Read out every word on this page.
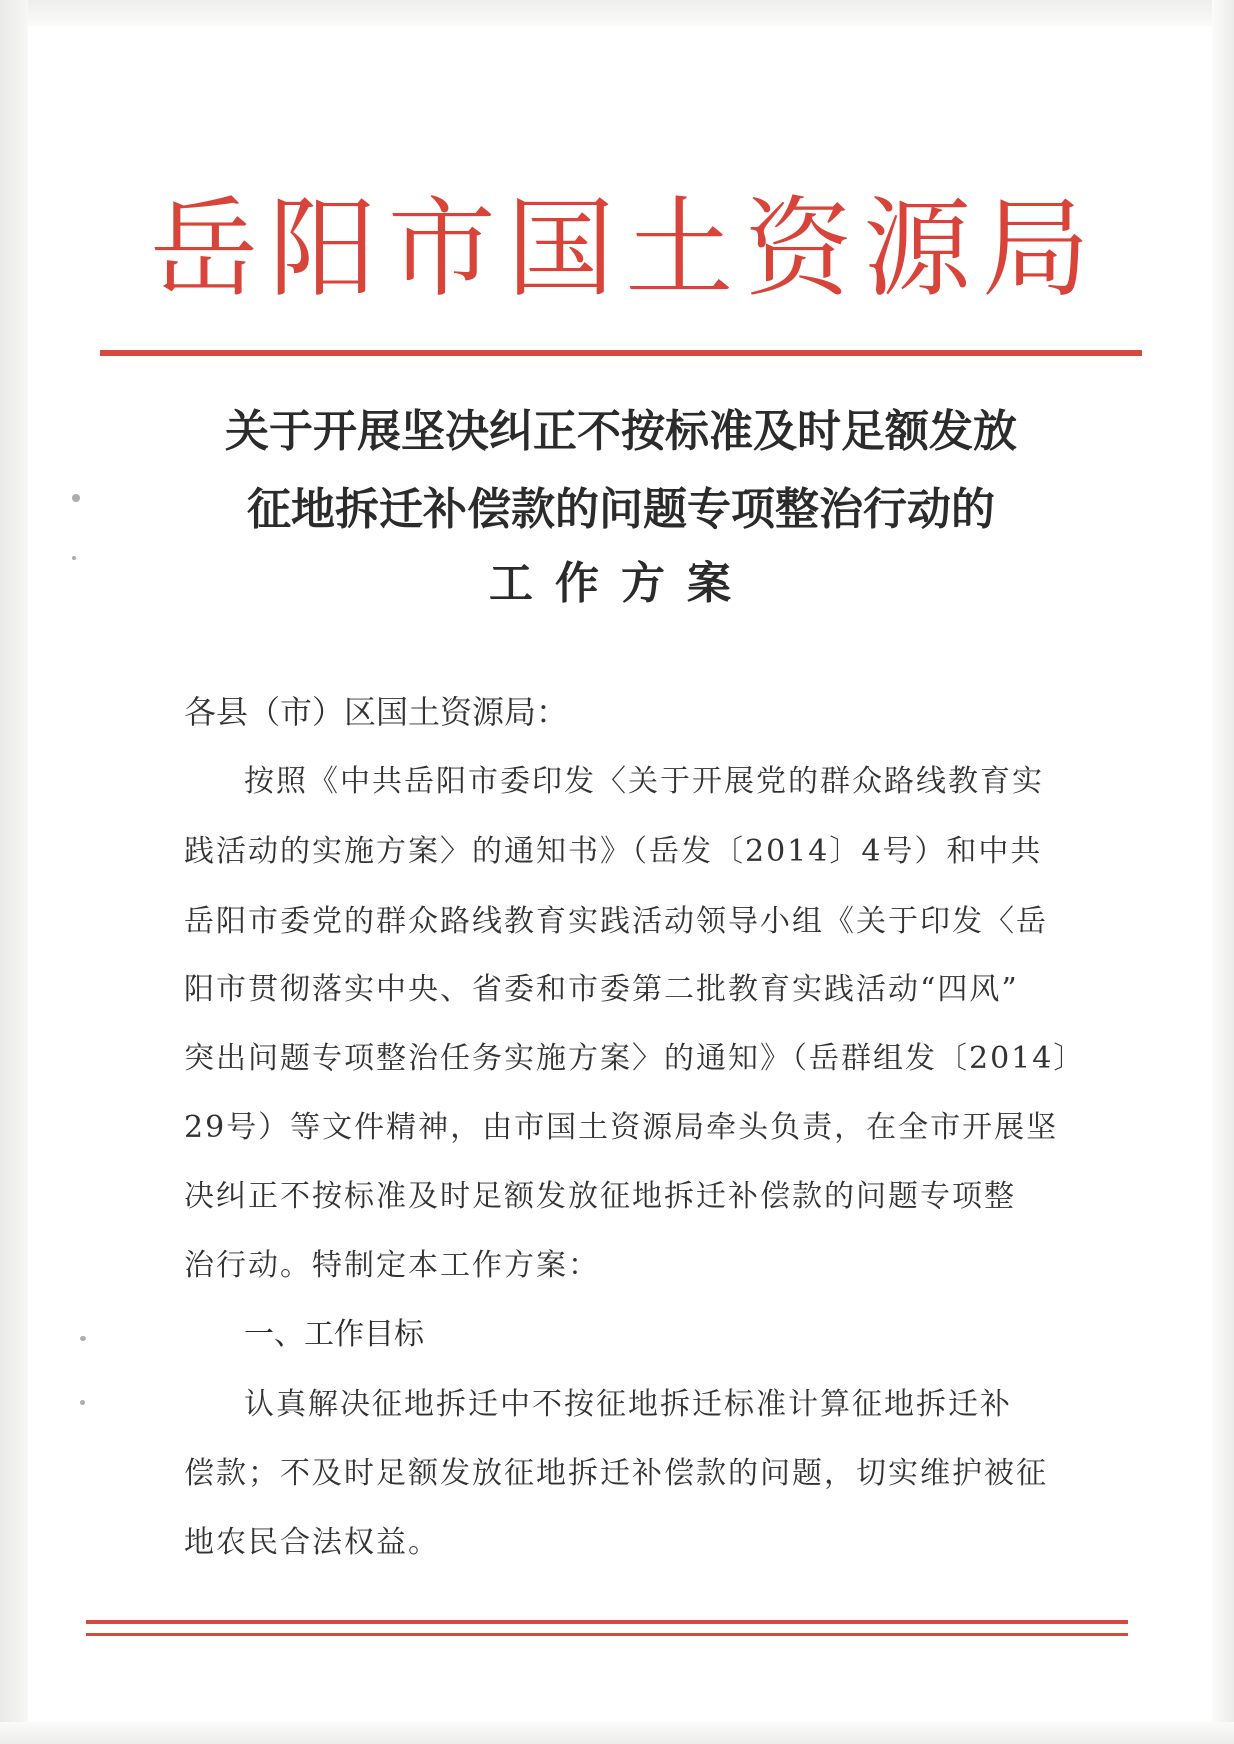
岳 阳 市 国 土 资 源 局
关于开展坚决纠正不按标准及时足额发放
征地拆迁补偿款的问题专项整治行动的
工作方案
各县（市）区国土资源局：
按照《中共岳阳市委印发〈关于开展党的群众路线教育实
践活动的实施方案〉的通知书》（岳发〔2014〕4号）和中共
岳阳市委党的群众路线教育实践活动领导小组《关于印发〈岳
阳市贯彻落实中央、省委和市委第二批教育实践活动“四风”
突出问题专项整治任务实施方案〉的通知》（岳群组发〔2014〕
29号）等文件精神，由市国土资源局牵头负责，在全市开展坚
决纠正不按标准及时足额发放征地拆迁补偿款的问题专项整
治行动。特制定本工作方案：
一、工作目标
认真解决征地拆迁中不按征地拆迁标准计算征地拆迁补
偿款；不及时足额发放征地拆迁补偿款的问题，切实维护被征
地农民合法权益。
